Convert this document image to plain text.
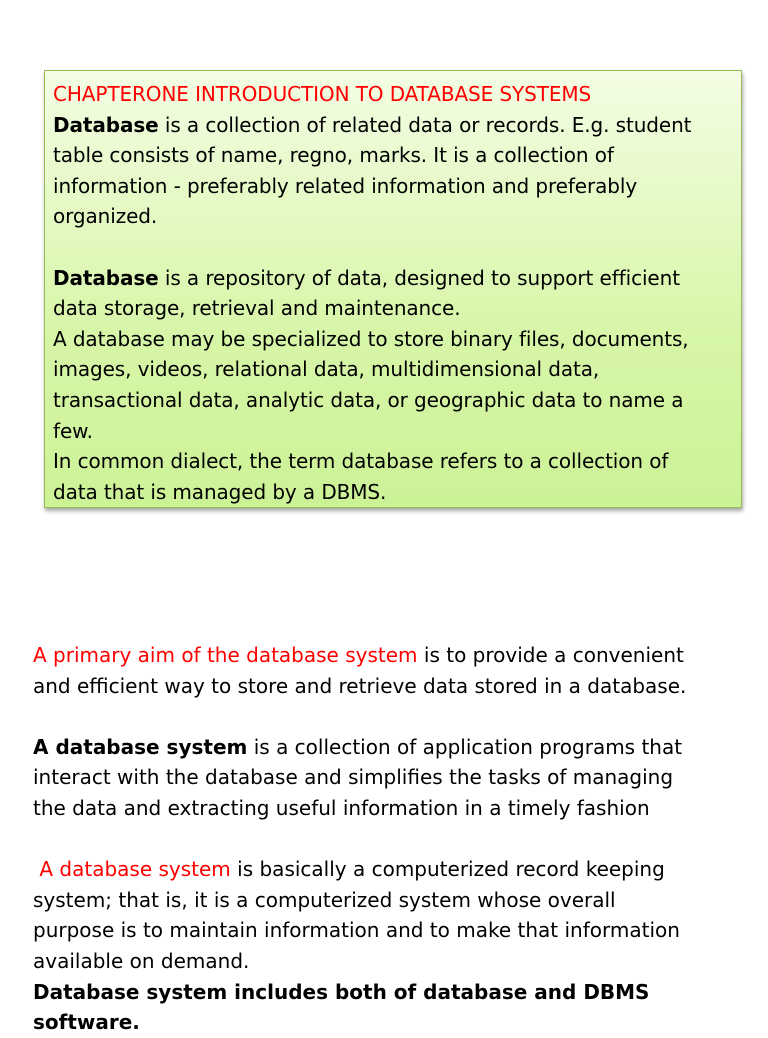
CHAPTERONE INTRODUCTION TO DATABASE SYSTEMS

Database is a collection of related data or records. E.g. student

table consists of name, regno, marks. It is a collection of

information - preferably related information and preferably

organized.

Database is a repository of data, designed to support efficient

data storage, retrieval and maintenance.

A database may be specialized to store binary files, documents,

images, videos, relational data, multidimensional data,

transactional data, analytic data, or geographic data to name a

few.

In common dialect, the term database refers to a collection of

data that is managed by a DBMS.

A primary aim of the database system is to provide a convenient

and efficient way to store and retrieve data stored in a database.

A database system is a collection of application programs that

interact with the database and simplifies the tasks of managing

the data and extracting useful information in a timely fashion

A database system is basically a computerized record keeping

system; that is, it is a computerized system whose overall

purpose is to maintain information and to make that information

available on demand.

Database system includes both of database and DBMS

software.
